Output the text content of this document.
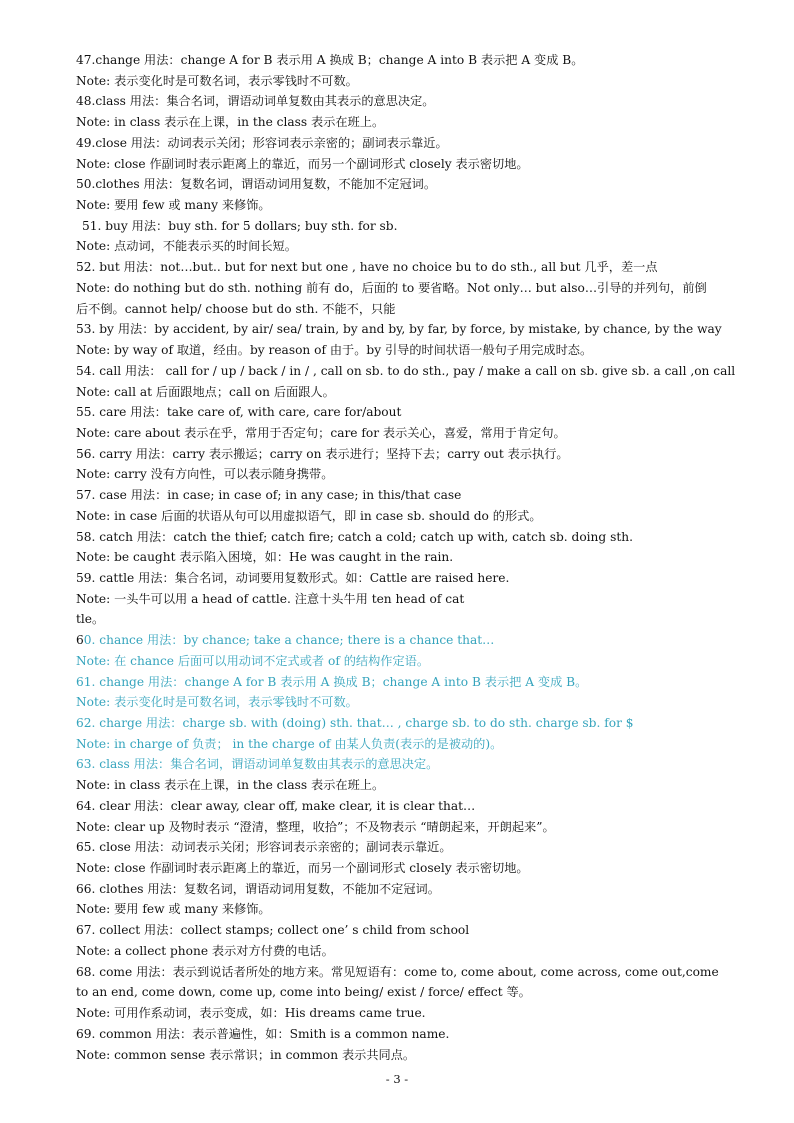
47.change 用法：change A for B 表示用 A 换成 B；change A into B 表示把 A 变成 B。
Note: 表示变化时是可数名词，表示零钱时不可数。
48.class 用法：集合名词，谓语动词单复数由其表示的意思决定。
Note: in class 表示在上课，in the class 表示在班上。
49.close 用法：动词表示关闭；形容词表示亲密的；副词表示靠近。
Note: close 作副词时表示距离上的靠近，而另一个副词形式 closely 表示密切地。
50.clothes 用法：复数名词，谓语动词用复数，不能加不定冠词。
Note: 要用 few 或 many 来修饰。
51. buy 用法：buy sth. for 5 dollars; buy sth. for sb.
Note: 点动词，不能表示买的时间长短。
52. but 用法：not…but.. but for next but one , have no choice bu to do sth., all but 几乎，差一点
Note: do nothing but do sth. nothing 前有 do，后面的 to 要省略。Not only… but also…引导的并列句，前倒
后不倒。cannot help/ choose but do sth. 不能不，只能
53. by 用法：by accident, by air/ sea/ train, by and by, by far, by force, by mistake, by chance, by the way
Note: by way of 取道，经由。by reason of 由于。by 引导的时间状语一般句子用完成时态。
54. call 用法： call for / up / back / in / , call on sb. to do sth., pay / make a call on sb. give sb. a call ,on call
Note: call at 后面跟地点；call on 后面跟人。
55. care 用法：take care of, with care, care for/about
Note: care about 表示在乎，常用于否定句；care for 表示关心，喜爱，常用于肯定句。
56. carry 用法：carry 表示搬运；carry on 表示进行；坚持下去；carry out 表示执行。
Note: carry 没有方向性，可以表示随身携带。
57. case 用法：in case; in case of; in any case; in this/that case
Note: in case 后面的状语从句可以用虚拟语气，即 in case sb. should do 的形式。
58. catch 用法：catch the thief; catch fire; catch a cold; catch up with, catch sb. doing sth.
Note: be caught 表示陷入困境，如：He was caught in the rain.
59. cattle 用法：集合名词，动词要用复数形式。如：Cattle are raised here.
Note: 一头牛可以用 a head of cattle. 注意十头牛用 ten head of cat
tle。
60. chance 用法：by chance; take a chance; there is a chance that…
Note: 在 chance 后面可以用动词不定式或者 of 的结构作定语。
61. change 用法：change A for B 表示用 A 换成 B；change A into B 表示把 A 变成 B。
Note: 表示变化时是可数名词，表示零钱时不可数。
62. charge 用法：charge sb. with (doing) sth. that… , charge sb. to do sth. charge sb. for $
Note: in charge of 负责； in the charge of 由某人负责(表示的是被动的)。
63. class 用法：集合名词，谓语动词单复数由其表示的意思决定。
Note: in class 表示在上课，in the class 表示在班上。
64. clear 用法：clear away, clear off, make clear, it is clear that…
Note: clear up 及物时表示 “澄清，整理，收拾”；不及物表示 “晴朗起来，开朗起来”。
65. close 用法：动词表示关闭；形容词表示亲密的；副词表示靠近。
Note: close 作副词时表示距离上的靠近，而另一个副词形式 closely 表示密切地。
66. clothes 用法：复数名词，谓语动词用复数，不能加不定冠词。
Note: 要用 few 或 many 来修饰。
67. collect 用法：collect stamps; collect one’ s child from school
Note: a collect phone 表示对方付费的电话。
68. come 用法：表示到说话者所处的地方来。常见短语有：come to, come about, come across, come out,come
to an end, come down, come up, come into being/ exist / force/ effect 等。
Note: 可用作系动词，表示变成，如：His dreams came true.
69. common 用法：表示普遍性，如：Smith is a common name.
Note: common sense 表示常识；in common 表示共同点。
- 3 -
